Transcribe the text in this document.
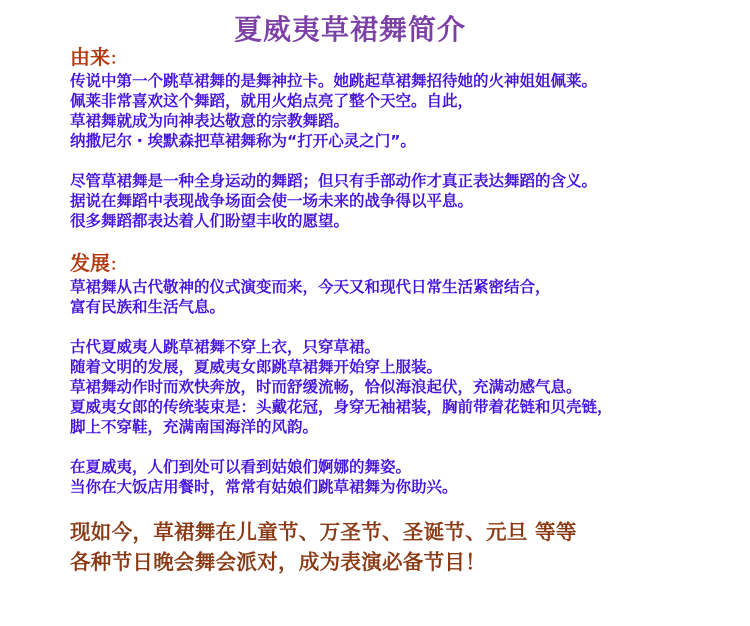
夏威夷草裙舞简介
由来：
传说中第一个跳草裙舞的是舞神拉卡。她跳起草裙舞招待她的火神姐姐佩莱。
佩莱非常喜欢这个舞蹈，就用火焰点亮了整个天空。自此，
草裙舞就成为向神表达敬意的宗教舞蹈。
纳撒尼尔・埃默森把草裙舞称为“打开心灵之门”。
尽管草裙舞是一种全身运动的舞蹈；但只有手部动作才真正表达舞蹈的含义。
据说在舞蹈中表现战争场面会使一场未来的战争得以平息。
很多舞蹈都表达着人们盼望丰收的愿望。
发展：
草裙舞从古代敬神的仪式演变而来，今天又和现代日常生活紧密结合，
富有民族和生活气息。
古代夏威夷人跳草裙舞不穿上衣，只穿草裙。
随着文明的发展，夏威夷女郎跳草裙舞开始穿上服装。
草裙舞动作时而欢快奔放，时而舒缓流畅，恰似海浪起伏，充满动感气息。
夏威夷女郎的传统装束是：头戴花冠，身穿无袖裙装，胸前带着花链和贝壳链，
脚上不穿鞋，充满南国海洋的风韵。
在夏威夷，人们到处可以看到姑娘们婀娜的舞姿。
当你在大饭店用餐时，常常有姑娘们跳草裙舞为你助兴。
现如今，草裙舞在儿童节、万圣节、圣诞节、元旦 等等
各种节日晚会舞会派对，成为表演必备节目！
